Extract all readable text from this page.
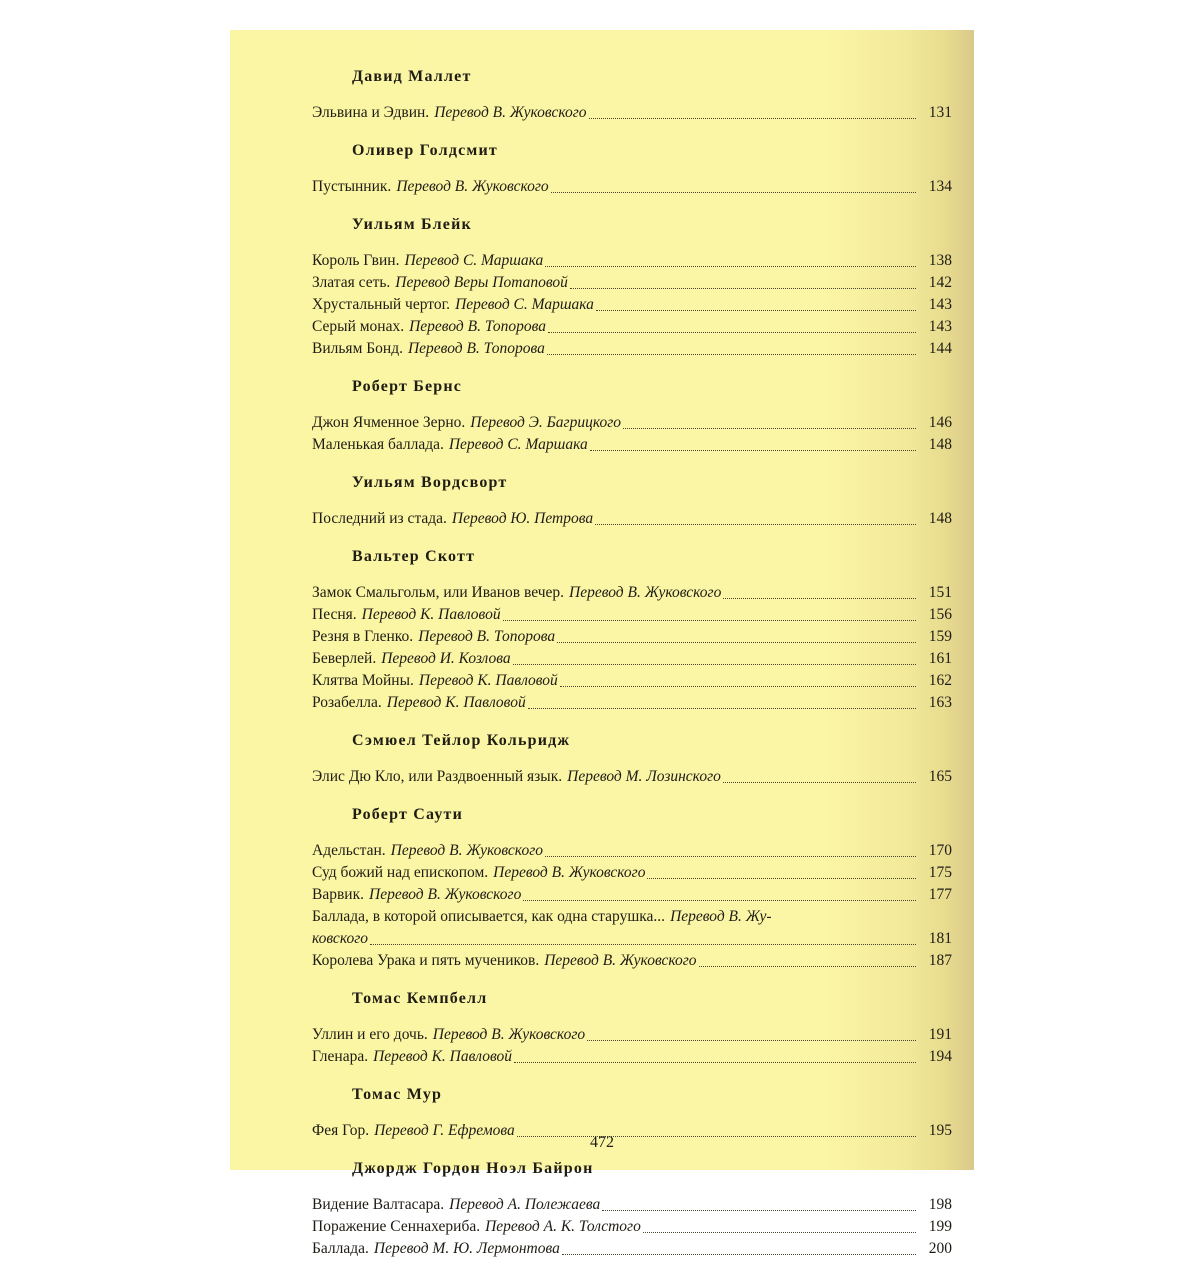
Давид Маллет
Эльвина и Эдвин. Перевод В. Жуковского	131
Оливер Голдсмит
Пустынник. Перевод В. Жуковского	134
Уильям Блейк
Король Гвин. Перевод С. Маршака	138
Златая сеть. Перевод Веры Потаповой	142
Хрустальный чертог. Перевод С. Маршака	143
Серый монах. Перевод В. Топорова	143
Вильям Бонд. Перевод В. Топорова	144
Роберт Бернс
Джон Ячменное Зерно. Перевод Э. Багрицкого	146
Маленькая баллада. Перевод С. Маршака	148
Уильям Вордсворт
Последний из стада. Перевод Ю. Петрова	148
Вальтер Скотт
Замок Смальгольм, или Иванов вечер. Перевод В. Жуковского	151
Песня. Перевод К. Павловой	156
Резня в Гленко. Перевод В. Топорова	159
Беверлей. Перевод И. Козлова	161
Клятва Мойны. Перевод К. Павловой	162
Розабелла. Перевод К. Павловой	163
Сэмюел Тейлор Кольридж
Элис Дю Кло, или Раздвоенный язык. Перевод М. Лозинского	165
Роберт Саути
Адельстан. Перевод В. Жуковского	170
Суд божий над епископом. Перевод В. Жуковского	175
Варвик. Перевод В. Жуковского	177
Баллада, в которой описывается, как одна старушка... Перевод В. Жу-
ковского	181
Королева Урака и пять мучеников. Перевод В. Жуковского	187
Томас Кемпбелл
Уллин и его дочь. Перевод В. Жуковского	191
Гленара. Перевод К. Павловой	194
Томас Мур
Фея Гор. Перевод Г. Ефремова	195
Джордж Гордон Ноэл Байрон
Видение Валтасара. Перевод А. Полежаева	198
Поражение Сеннахериба. Перевод А. К. Толстого	199
Баллада. Перевод М. Ю. Лермонтова	200
472
